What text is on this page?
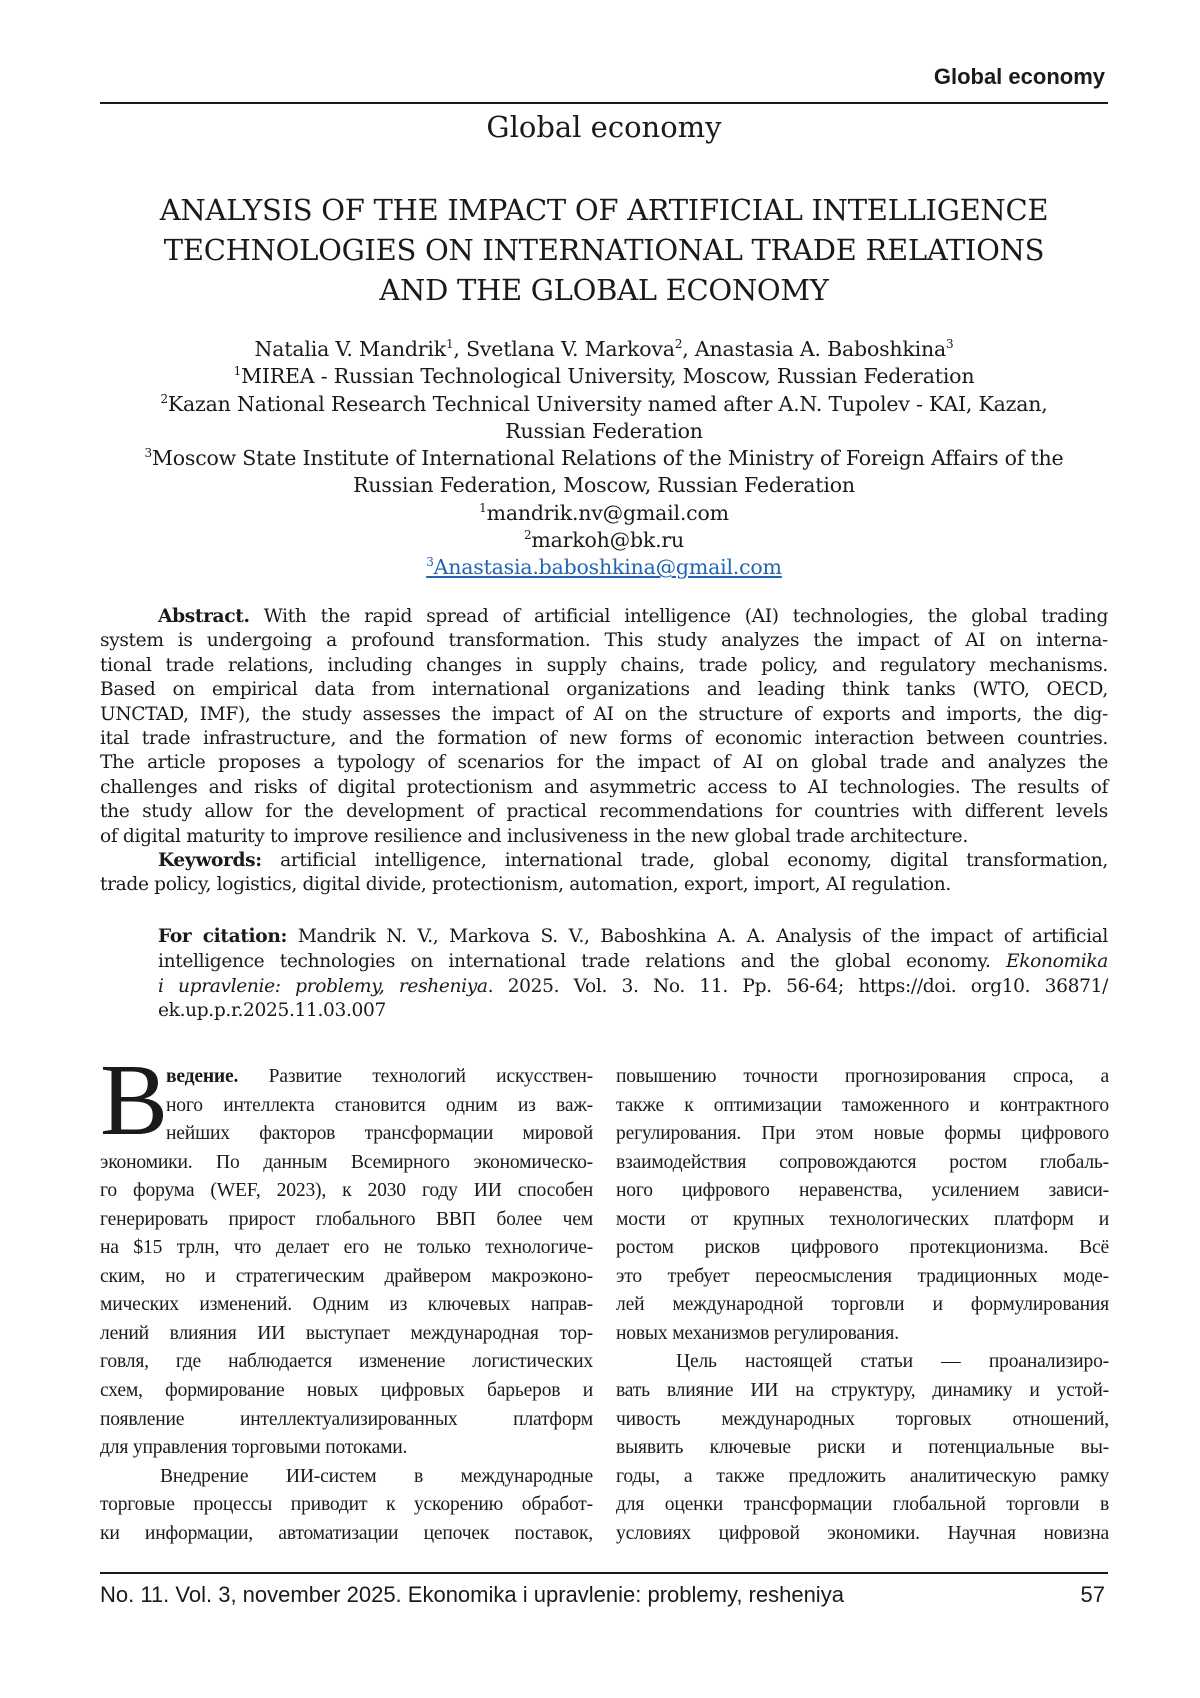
Global economy
Global economy
ANALYSIS OF THE IMPACT OF ARTIFICIAL INTELLIGENCE
TECHNOLOGIES ON INTERNATIONAL TRADE RELATIONS
AND THE GLOBAL ECONOMY
Natalia V. Mandrik$^1$, Svetlana V. Markova$^2$, Anastasia A. Baboshkina$^3$
$^1$MIREA - Russian Technological University, Moscow, Russian Federation
$^2$Kazan National Research Technical University named after A.N. Tupolev - KAI, Kazan,
Russian Federation
$^3$Moscow State Institute of International Relations of the Ministry of Foreign Affairs of the
Russian Federation, Moscow, Russian Federation
$^1$mandrik.nv@gmail.com
$^2$markoh@bk.ru
$^3$Anastasia.baboshkina@gmail.com
Abstract. With the rapid spread of artificial intelligence (AI) technologies, the global trading
system is undergoing a profound transformation. This study analyzes the impact of AI on interna-
tional trade relations, including changes in supply chains, trade policy, and regulatory mechanisms.
Based on empirical data from international organizations and leading think tanks (WTO, OECD,
UNCTAD, IMF), the study assesses the impact of AI on the structure of exports and imports, the dig-
ital trade infrastructure, and the formation of new forms of economic interaction between countries.
The article proposes a typology of scenarios for the impact of AI on global trade and analyzes the
challenges and risks of digital protectionism and asymmetric access to AI technologies. The results of
the study allow for the development of practical recommendations for countries with different levels
of digital maturity to improve resilience and inclusiveness in the new global trade architecture.
Keywords: artificial intelligence, international trade, global economy, digital transformation,
trade policy, logistics, digital divide, protectionism, automation, export, import, AI regulation.
For citation: Mandrik N. V., Markova S. V., Baboshkina A. A. Analysis of the impact of artificial
intelligence technologies on international trade relations and the global economy. Ekonomika
i upravlenie: problemy, resheniya. 2025. Vol. 3. No. 11. Pp. 56-64; https://doi. org10. 36871/
ek.up.p.r.2025.11.03.007
В
ведение. Развитие технологий искусствен-
ного интеллекта становится одним из важ-
нейших факторов трансформации мировой
экономики. По данным Всемирного экономическо-
го форума (WEF, 2023), к 2030 году ИИ способен
генерировать прирост глобального ВВП более чем
на $15 трлн, что делает его не только технологиче-
ским, но и стратегическим драйвером макроэконо-
мических изменений. Одним из ключевых направ-
лений влияния ИИ выступает международная тор-
говля, где наблюдается изменение логистических
схем, формирование новых цифровых барьеров и
появление интеллектуализированных платформ
для управления торговыми потоками.
Внедрение ИИ-систем в международные
торговые процессы приводит к ускорению обработ-
ки информации, автоматизации цепочек поставок,
повышению точности прогнозирования спроса, а
также к оптимизации таможенного и контрактного
регулирования. При этом новые формы цифрового
взаимодействия сопровождаются ростом глобаль-
ного цифрового неравенства, усилением зависи-
мости от крупных технологических платформ и
ростом рисков цифрового протекционизма. Всё
это требует переосмысления традиционных моде-
лей международной торговли и формулирования
новых механизмов регулирования.
Цель настоящей статьи — проанализиро-
вать влияние ИИ на структуру, динамику и устой-
чивость международных торговых отношений,
выявить ключевые риски и потенциальные вы-
годы, а также предложить аналитическую рамку
для оценки трансформации глобальной торговли в
условиях цифровой экономики. Научная новизна
No. 11. Vol. 3, november 2025. Ekonomika i upravlenie: problemy, resheniya	57
